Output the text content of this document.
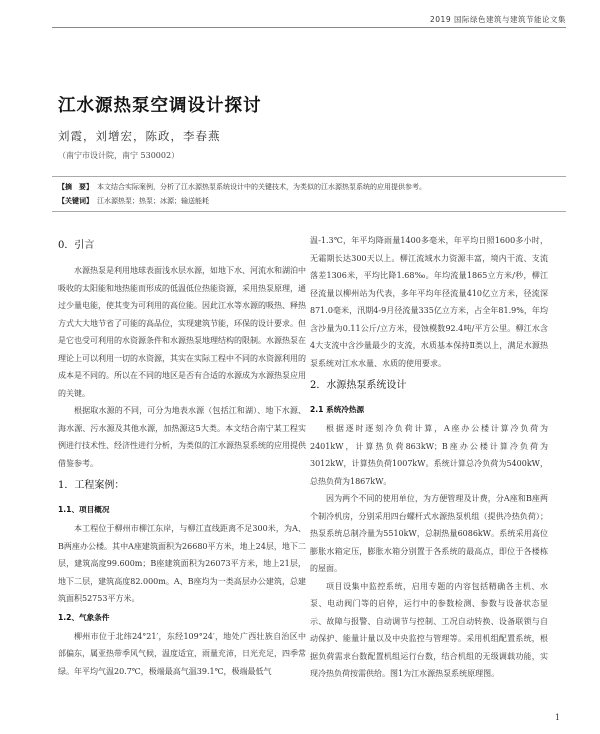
2019 国际绿色建筑与建筑节能论文集
江水源热泵空调设计探讨
刘霞，刘增宏，陈政，李春燕
（南宁市设计院，南宁 530002）
【摘　要】 本文结合实际案例，分析了江水源热泵系统设计中的关键技术，为类似的江水源热泵系统的应用提供参考。
【关键词】 江水源热泵；热泵；冰源；输送能耗
0．引言

水源热泵是利用地球表面浅水层水源，如地下水、河流水和湖泊中吸收的太阳能和地热能而形成的低温低位热能资源，采用热泵原理，通过少量电能，使其变为可利用的高位能。因此江水等水源的吸热、释热方式大大地节省了可能的高品位，实现建筑节能，环保的设计要求。但是它也受可利用的水资源条件和水源热泵地理结构的限制。水源热泵在理论上可以利用一切的水资源，其实在实际工程中不同的水资源利用的成本是不同的。所以在不同的地区是否有合适的水源成为水源热泵应用的关键。

根据取水源的不同，可分为地表水源（包括江和湖）、地下水源、海水源、污水源及其他水源，加热源这5大类。本文结合南宁某工程实例进行技术性、经济性进行分析，为类似的江水源热泵系统的应用提供借鉴参考。

1．工程案例：
1.1、项目概况

本工程位于柳州市柳江东岸，与柳江直线距离不足300米，为A、B两座办公楼。其中A座建筑面积为26680平方米，地上24层，地下二层，建筑高度99.600m；B座建筑面积为26073平方米，地上21层，地下二层，建筑高度82.000m。A、B座均为一类高层办公建筑，总建筑面积52753平方米。

1.2、气象条件

柳州市位于北纬24°21′，东经109°24′，地处广西壮族自治区中部偏东，属亚热带季风气候，温度适宜，雨量充沛，日光充足，四季常绿。年平均气温20.7℃，极端最高气温39.1℃，极端最低气

温-1.3℃，年平均降雨量1400多毫米，年平均日照1600多小时，无霜期长达300天以上。柳江流域水力资源丰富，境内干流、支流落差1306米，平均比降1.68‰。年均流量1865立方米/秒，柳江径流量以柳州站为代表，多年平均年径流量410亿立方米，径流深871.0毫米，汛期4-9月径流量335亿立方米，占全年81.9%，年均含沙量为0.11公斤/立方米，侵蚀模数92.4吨/平方公里。柳江水含4大支流中含沙量最少的支流，水质基本保持Ⅱ类以上，满足水源热泵系统对江水水量、水质的使用要求。

2．水源热泵系统设计
2.1 系统冷热源

根据逐时逐刻冷负荷计算，A座办公楼计算冷负荷为2401kW，计算热负荷863kW；B座办公楼计算冷负荷为3012kW，计算热负荷1007kW。系统计算总冷负荷为5400kW，总热负荷为1867kW。

因为两个不同的使用单位，为方便管理及计费，分A座和B座两个制冷机房，分别采用四台螺杆式水源热泵机组（提供冷热负荷）；热泵系统总制冷量为5510kW，总制热量6086kW。系统采用高位膨胀水箱定压，膨胀水箱分别置于各系统的最高点，即位于各楼栋的屋面。

项目设集中监控系统，启用专题的内容包括精确各主机、水泵、电动阀门等的启停，运行中的参数检测、参数与设备状态显示、故障与报警、自动调节与控制、工况自动转换、设备联锁与自动保护、能量计量以及中央监控与管理等。采用机组配置系统，根据负荷需求台数配置机组运行台数，结合机组的无级调载功能，实现冷热负荷按需供给。图1为江水源热泵系统原理图。

1
